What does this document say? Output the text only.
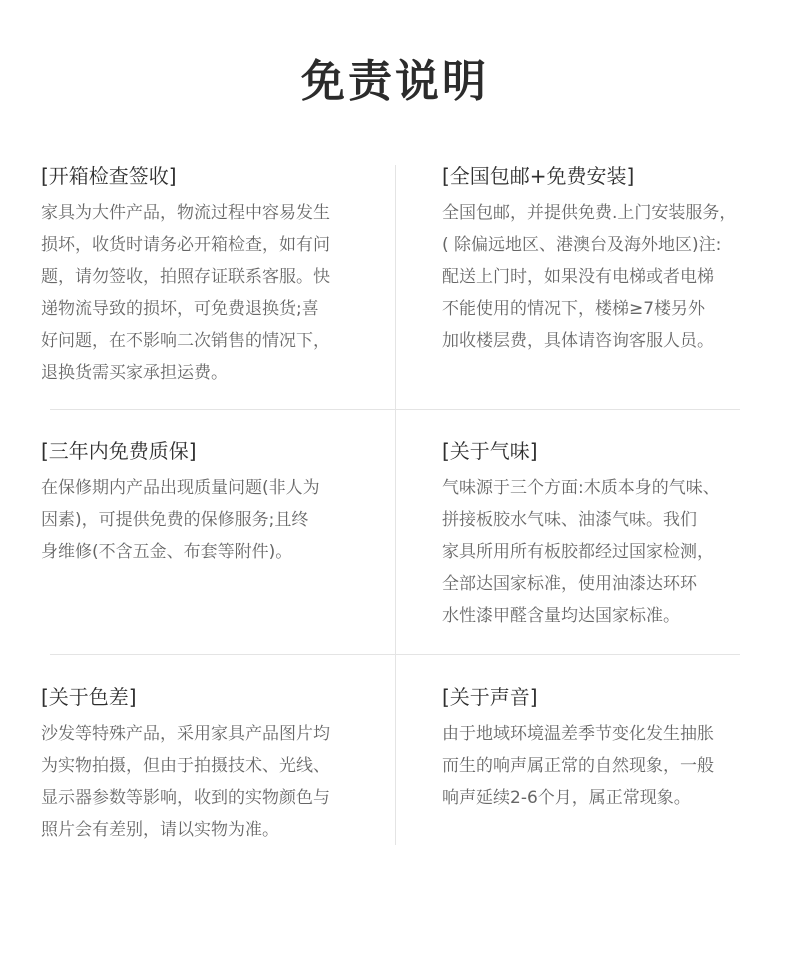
免责说明
[开箱检查签收]
家具为大件产品，物流过程中容易发生
损坏，收货时请务必开箱检查，如有问
题，请勿签收，拍照存证联系客服。快
递物流导致的损坏，可免费退换货;喜
好问题，在不影响二次销售的情况下，
退换货需买家承担运费。
[全国包邮+免费安装]
全国包邮，并提供免费.上门安装服务，
( 除偏远地区、港澳台及海外地区)注:
配送上门时，如果没有电梯或者电梯
不能使用的情况下，楼梯≥7楼另外
加收楼层费，具体请咨询客服人员。
[三年内免费质保]
在保修期内产品出现质量问题(非人为
因素)，可提供免费的保修服务;且终
身维修(不含五金、布套等附件)。
[关于气味]
气味源于三个方面:木质本身的气味、
拼接板胶水气味、油漆气味。我们
家具所用所有板胶都经过国家检测，
全部达国家标准，使用油漆达环环
水性漆甲醛含量均达国家标准。
[关于色差]
沙发等特殊产品，采用家具产品图片均
为实物拍摄，但由于拍摄技术、光线、
显示器参数等影响，收到的实物颜色与
照片会有差别，请以实物为准。
[关于声音]
由于地域环境温差季节变化发生抽胀
而生的响声属正常的自然现象，一般
响声延续2-6个月，属正常现象。
